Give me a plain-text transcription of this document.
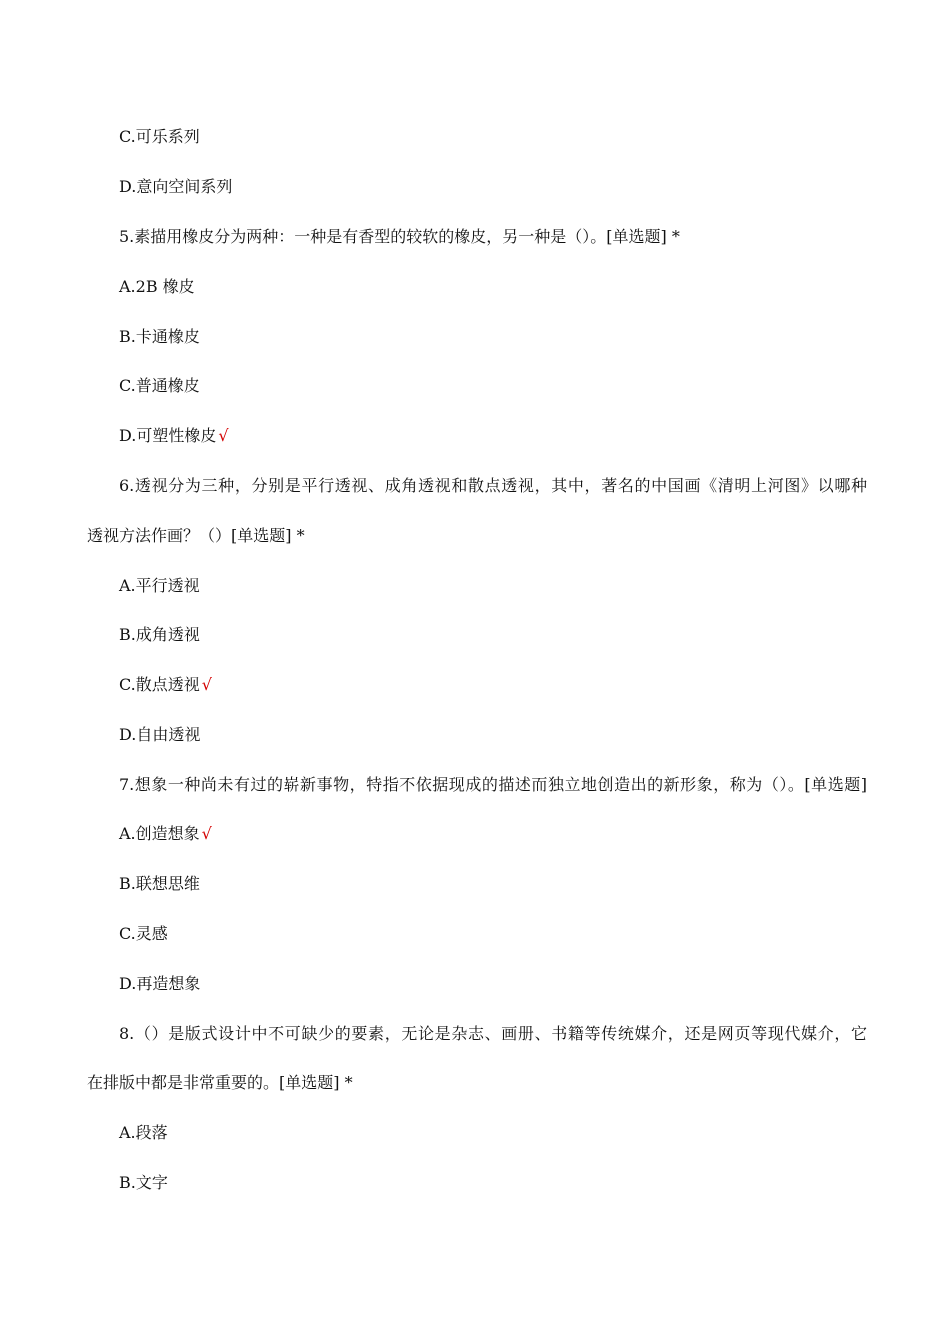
C.可乐系列
D.意向空间系列
5.素描用橡皮分为两种：一种是有香型的较软的橡皮，另一种是（）。[单选题] *
A.2B 橡皮
B.卡通橡皮
C.普通橡皮
D.可塑性橡皮 √
6.透视分为三种，分别是平行透视、成角透视和散点透视，其中，著名的中国画《清明上河图》以哪种
透视方法作画？（）[单选题] *
A.平行透视
B.成角透视
C.散点透视 √
D.自由透视
7.想象一种尚未有过的崭新事物，特指不依据现成的描述而独立地创造出的新形象，称为（）。[单选题]
A.创造想象 √
B.联想思维
C.灵感
D.再造想象
8.（）是版式设计中不可缺少的要素，无论是杂志、画册、书籍等传统媒介，还是网页等现代媒介，它
在排版中都是非常重要的。[单选题] *
A.段落
B.文字
